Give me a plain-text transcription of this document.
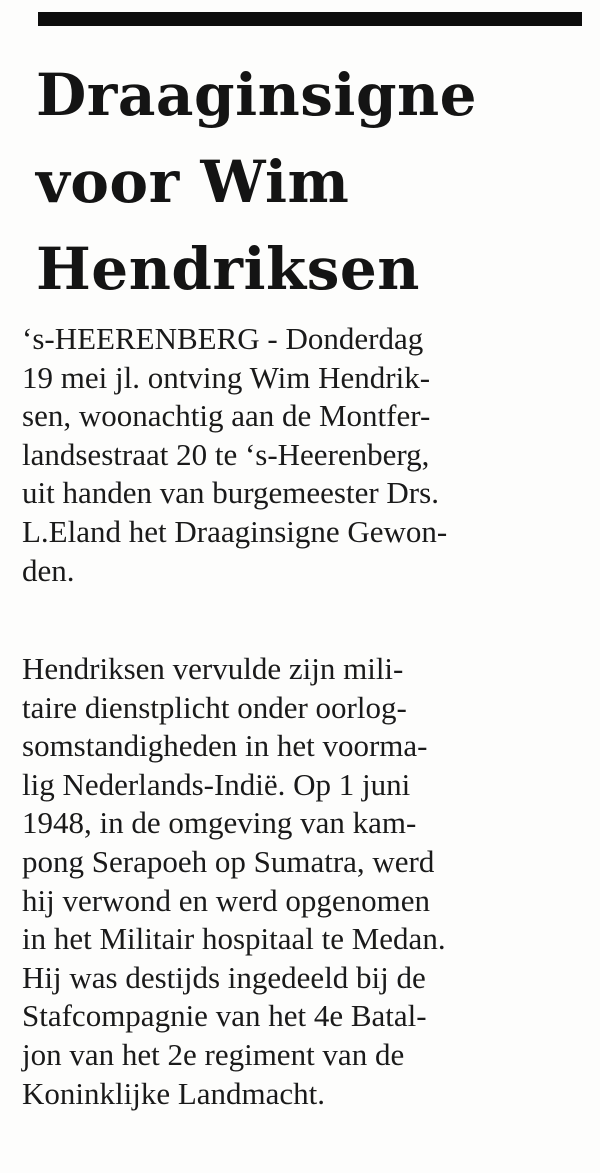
Draaginsigne
voor Wim
Hendriksen

‘s-HEERENBERG - Donderdag
19 mei jl. ontving Wim Hendrik-
sen, woonachtig aan de Montfer-
landsestraat 20 te ‘s-Heerenberg,
uit handen van burgemeester Drs.
L.Eland het Draaginsigne Gewon-
den.

Hendriksen vervulde zijn mili-
taire dienstplicht onder oorlog-
somstandigheden in het voorma-
lig Nederlands-Indië. Op 1 juni
1948, in de omgeving van kam-
pong Serapoeh op Sumatra, werd
hij verwond en werd opgenomen
in het Militair hospitaal te Medan.
Hij was destijds ingedeeld bij de
Stafcompagnie van het 4e Batal-
jon van het 2e regiment van de
Koninklijke Landmacht.
